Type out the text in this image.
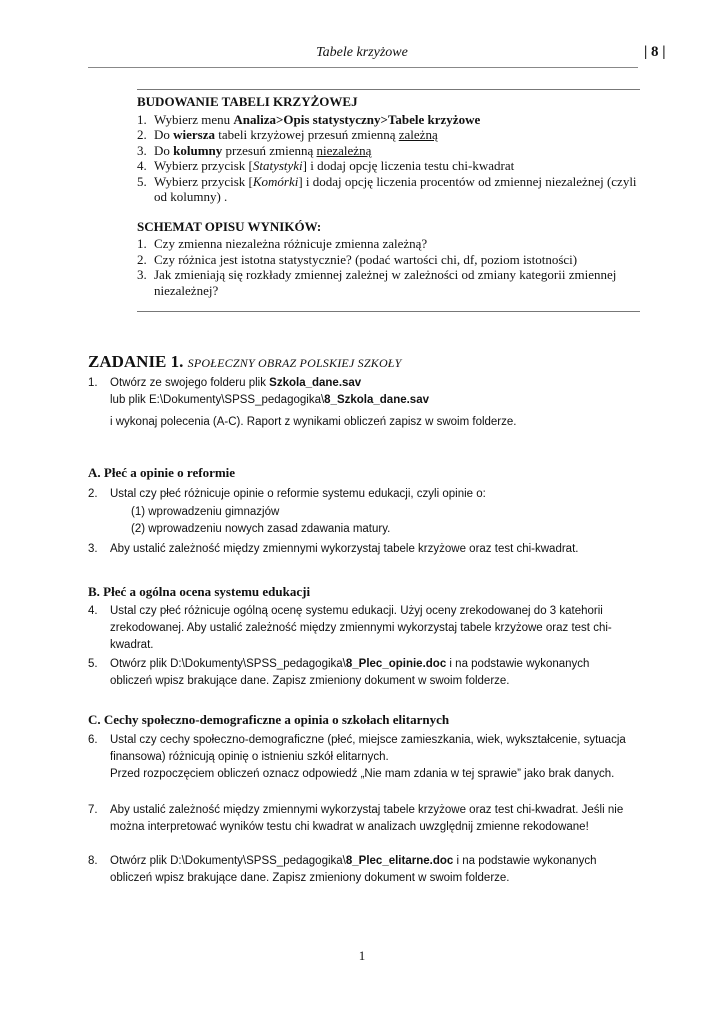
Tabele krzyżowe	| 8 |
BUDOWANIE TABELI KRZYŻOWEJ
1. Wybierz menu Analiza>Opis statystyczny>Tabele krzyżowe
2. Do wiersza tabeli krzyżowej przesuń zmienną zależną
3. Do kolumny przesuń zmienną niezależną
4. Wybierz przycisk [Statystyki] i dodaj opcję liczenia testu chi-kwadrat
5. Wybierz przycisk [Komórki] i dodaj opcję liczenia procentów od zmiennej niezależnej (czyli od kolumny) .
SCHEMAT OPISU WYNIKÓW:
1. Czy zmienna niezależna różnicuje zmienna zależną?
2. Czy różnica jest istotna statystycznie? (podać wartości chi, df, poziom istotności)
3. Jak zmieniają się rozkłady zmiennej zależnej w zależności od zmiany kategorii zmiennej niezależnej?
ZADANIE 1. SPOŁECZNY OBRAZ POLSKIEJ SZKOŁY
1. Otwórz ze swojego folderu plik Szkola_dane.sav
lub plik E:\Dokumenty\SPSS_pedagogika\8_Szkola_dane.sav
i wykonaj polecenia (A-C). Raport z wynikami obliczeń zapisz w swoim folderze.
A. Płeć a opinie o reformie
2. Ustal czy płeć różnicuje opinie o reformie systemu edukacji, czyli opinie o:
(1) wprowadzeniu gimnazjów
(2) wprowadzeniu nowych zasad zdawania matury.
3. Aby ustalić zależność między zmiennymi wykorzystaj tabele krzyżowe oraz test chi-kwadrat.
B. Płeć a ogólna ocena systemu edukacji
4. Ustal czy płeć różnicuje ogólną ocenę systemu edukacji. Użyj oceny zrekodowanej do 3 katehorii zrekodowanej. Aby ustalić zależność między zmiennymi wykorzystaj tabele krzyżowe oraz test chi-kwadrat.
5. Otwórz plik D:\Dokumenty\SPSS_pedagogika\8_Plec_opinie.doc i na podstawie wykonanych obliczeń wpisz brakujące dane. Zapisz zmieniony dokument w swoim folderze.
C. Cechy społeczno-demograficzne a opinia o szkołach elitarnych
6. Ustal czy cechy społeczno-demograficzne (płeć, miejsce zamieszkania, wiek, wykształcenie, sytuacja finansowa) różnicują opinię o istnieniu szkół elitarnych.
Przed rozpoczęciem obliczeń oznacz odpowiedź „Nie mam zdania w tej sprawie” jako brak danych.
7. Aby ustalić zależność między zmiennymi wykorzystaj tabele krzyżowe oraz test chi-kwadrat. Jeśli nie można interpretować wyników testu chi kwadrat w analizach uwzględnij zmienne rekodowane!
8. Otwórz plik D:\Dokumenty\SPSS_pedagogika\8_Plec_elitarne.doc i na podstawie wykonanych obliczeń wpisz brakujące dane. Zapisz zmieniony dokument w swoim folderze.
1
